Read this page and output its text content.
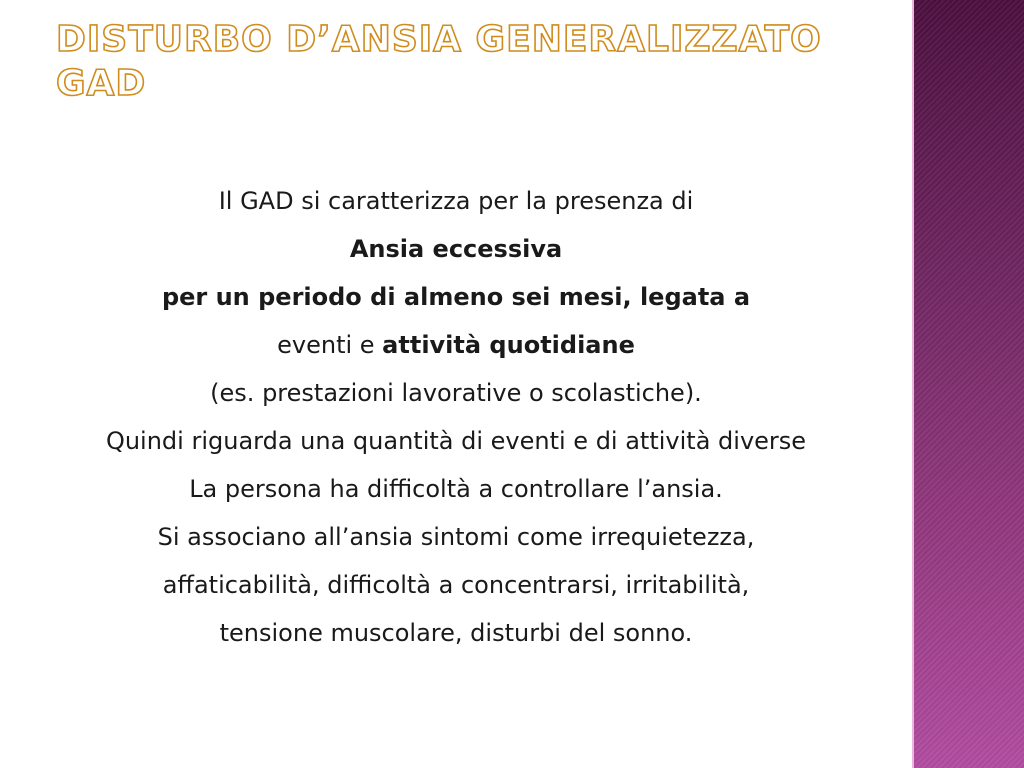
DISTURBO D’ANSIA GENERALIZZATO
GAD

Il GAD si caratterizza per la presenza di

Ansia eccessiva

per un periodo di almeno sei mesi, legata a

eventi e attività quotidiane

(es. prestazioni lavorative o scolastiche).

Quindi riguarda una quantità di eventi e di attività diverse

La persona ha difficoltà a controllare l’ansia.

Si associano all’ansia sintomi come irrequietezza,

affaticabilità, difficoltà a concentrarsi, irritabilità,

tensione muscolare, disturbi del sonno.
